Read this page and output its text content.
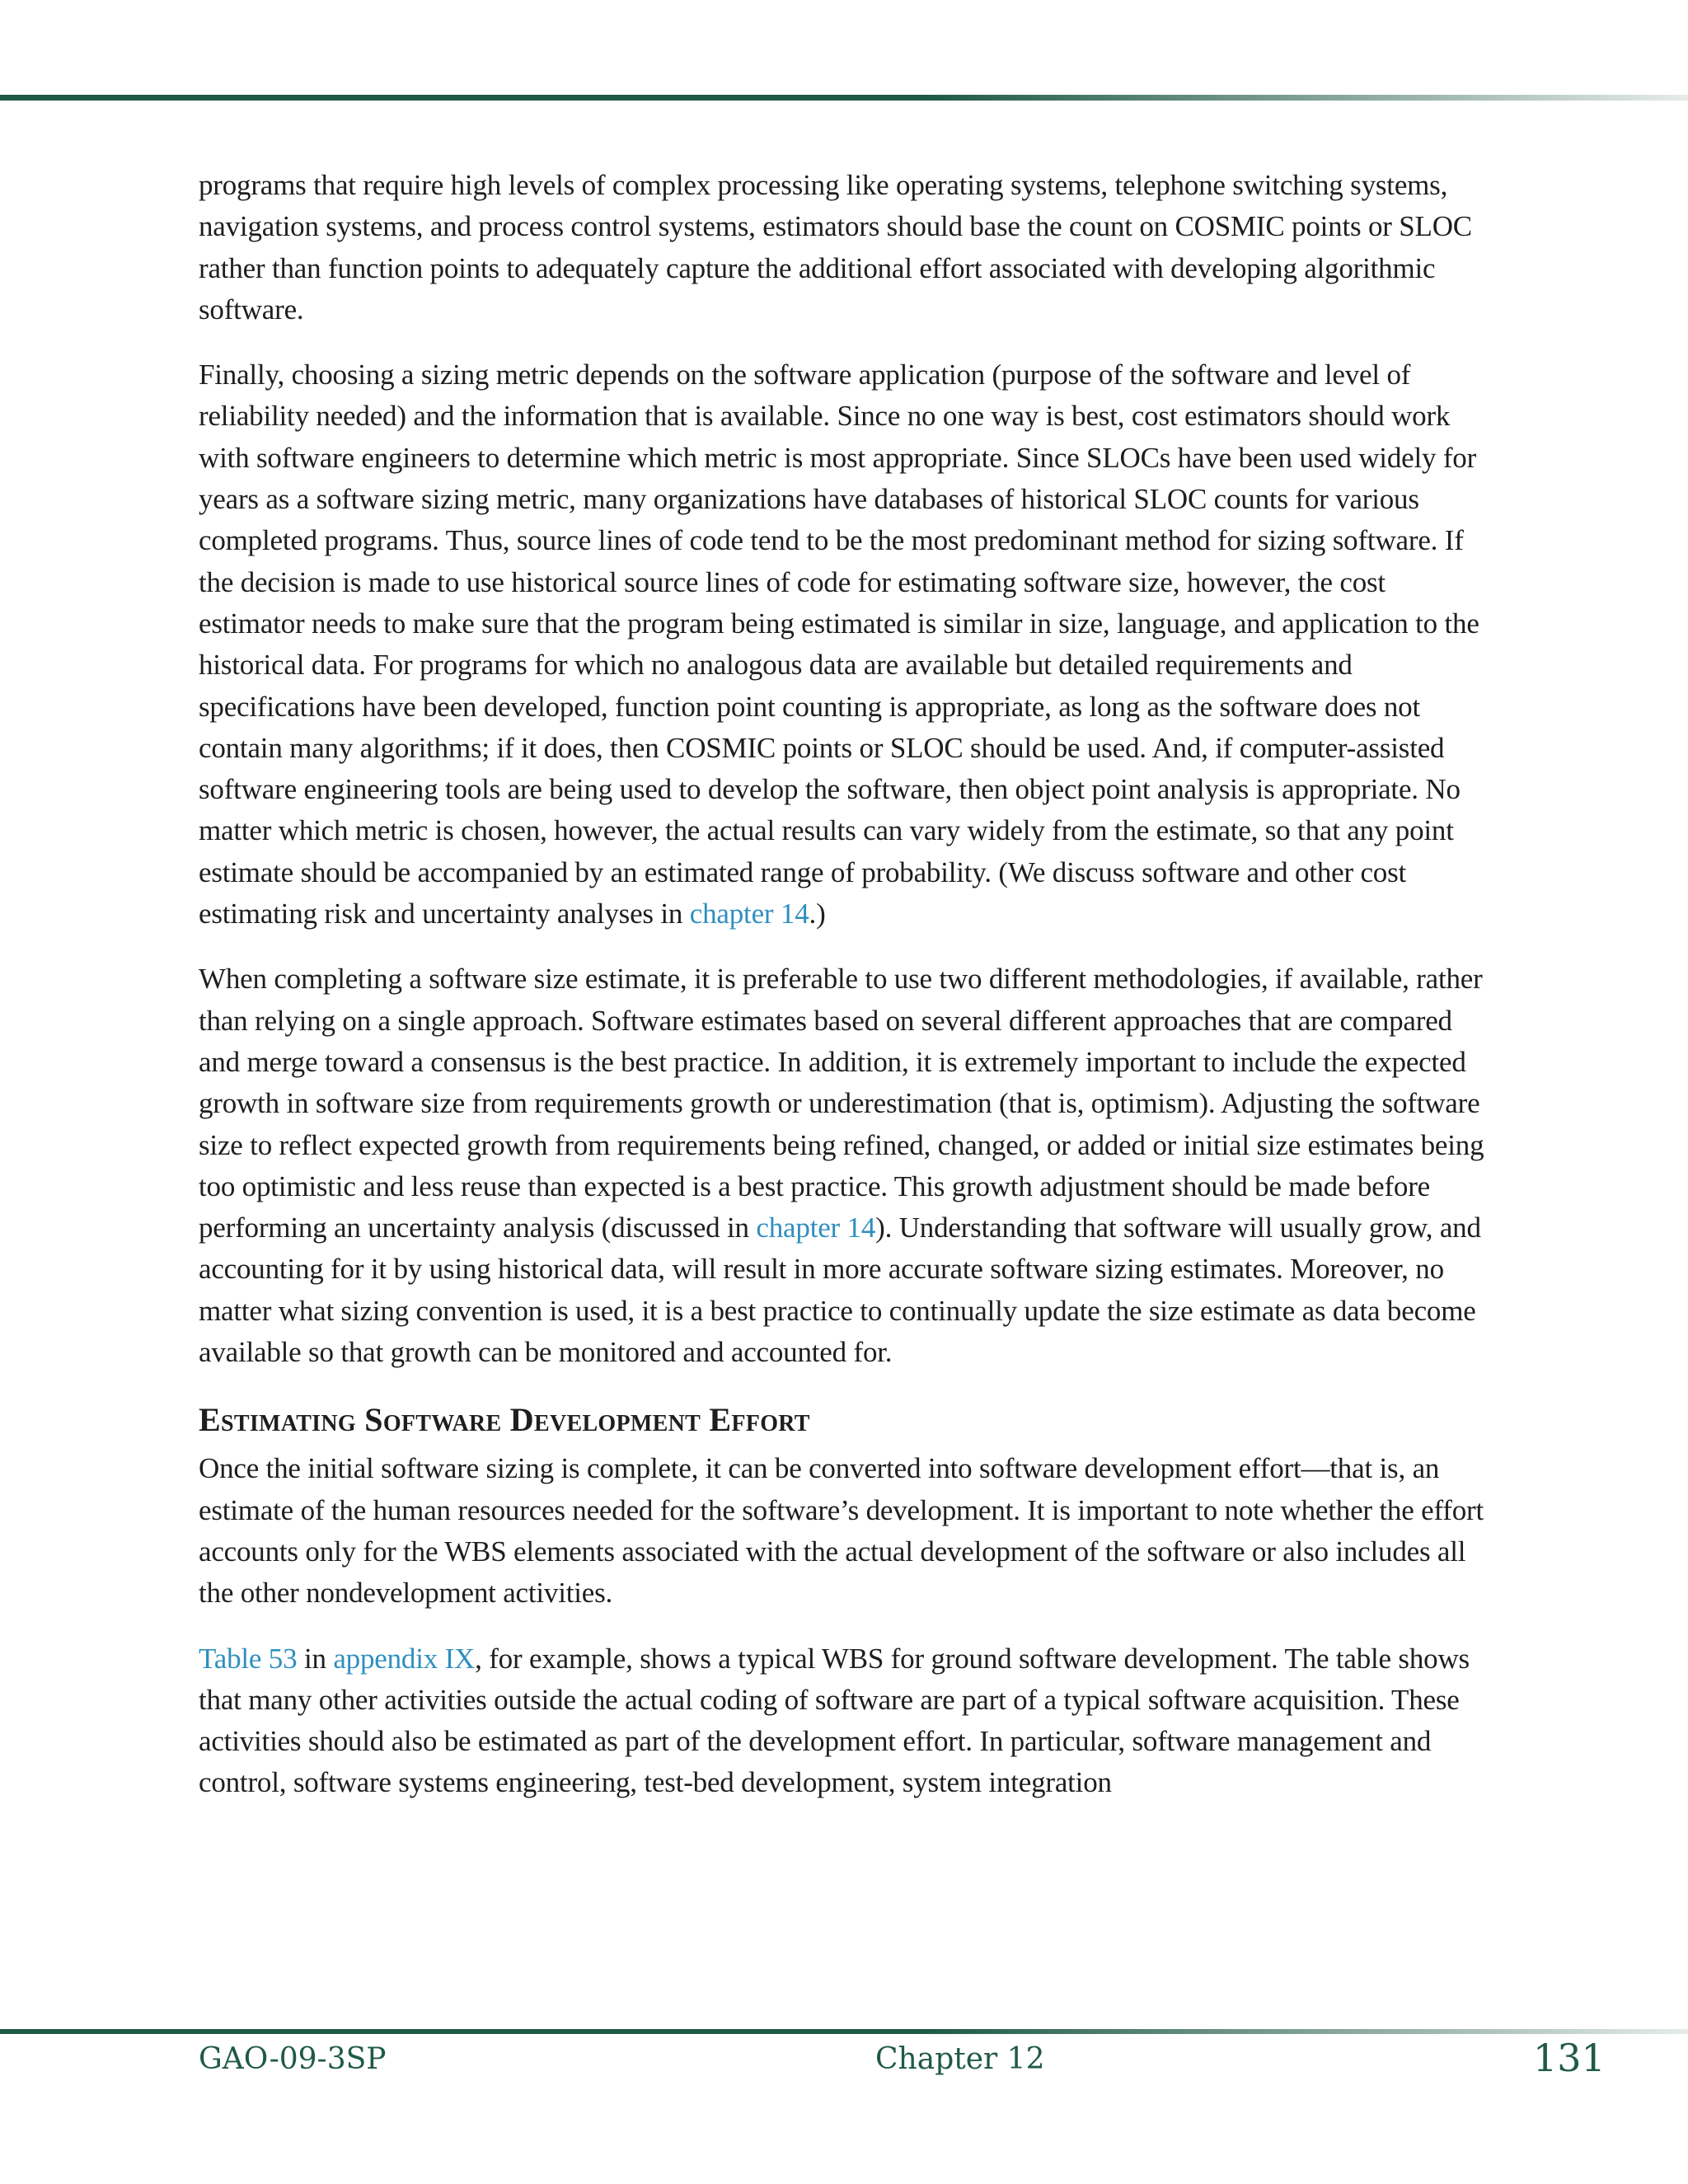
programs that require high levels of complex processing like operating systems, telephone switching systems, navigation systems, and process control systems, estimators should base the count on COSMIC points or SLOC rather than function points to adequately capture the additional effort associated with developing algorithmic software.

Finally, choosing a sizing metric depends on the software application (purpose of the software and level of reliability needed) and the information that is available. Since no one way is best, cost estimators should work with software engineers to determine which metric is most appropriate. Since SLOCs have been used widely for years as a software sizing metric, many organizations have databases of historical SLOC counts for various completed programs. Thus, source lines of code tend to be the most predominant method for sizing software. If the decision is made to use historical source lines of code for estimating software size, however, the cost estimator needs to make sure that the program being estimated is similar in size, language, and application to the historical data. For programs for which no analogous data are available but detailed requirements and specifications have been developed, function point counting is appropriate, as long as the software does not contain many algorithms; if it does, then COSMIC points or SLOC should be used. And, if computer-assisted software engineering tools are being used to develop the software, then object point analysis is appropriate. No matter which metric is chosen, however, the actual results can vary widely from the estimate, so that any point estimate should be accompanied by an estimated range of probability. (We discuss software and other cost estimating risk and uncertainty analyses in chapter 14.)

When completing a software size estimate, it is preferable to use two different methodologies, if available, rather than relying on a single approach. Software estimates based on several different approaches that are compared and merge toward a consensus is the best practice. In addition, it is extremely important to include the expected growth in software size from requirements growth or underestimation (that is, optimism). Adjusting the software size to reflect expected growth from requirements being refined, changed, or added or initial size estimates being too optimistic and less reuse than expected is a best practice. This growth adjustment should be made before performing an uncertainty analysis (discussed in chapter 14). Understanding that software will usually grow, and accounting for it by using historical data, will result in more accurate software sizing estimates. Moreover, no matter what sizing convention is used, it is a best practice to continually update the size estimate as data become available so that growth can be monitored and accounted for.

Estimating Software Development Effort

Once the initial software sizing is complete, it can be converted into software development effort—that is, an estimate of the human resources needed for the software’s development. It is important to note whether the effort accounts only for the WBS elements associated with the actual development of the software or also includes all the other nondevelopment activities.

Table 53 in appendix IX, for example, shows a typical WBS for ground software development. The table shows that many other activities outside the actual coding of software are part of a typical software acquisition. These activities should also be estimated as part of the development effort. In particular, software management and control, software systems engineering, test-bed development, system integration

GAO-09-3SP	Chapter 12	131
